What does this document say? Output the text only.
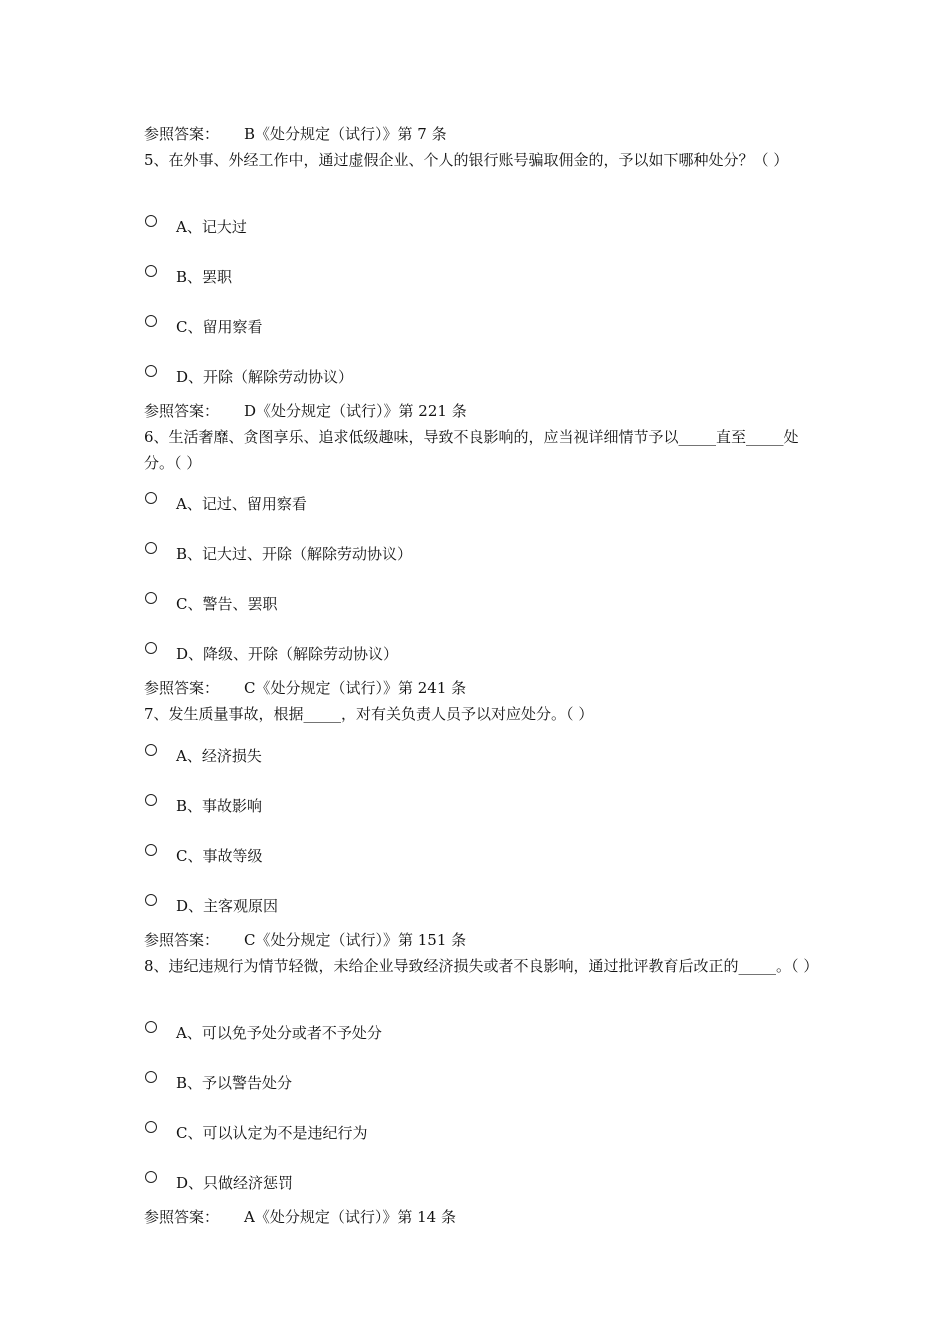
参照答案： B《处分规定（试行）》第 7 条
5、在外事、外经工作中，通过虚假企业、个人的银行账号骗取佣金的，予以如下哪种处分？（ ）
A、记大过
B、罢职
C、留用察看
D、开除（解除劳动协议）
参照答案： D《处分规定（试行）》第 221 条
6、生活奢靡、贪图享乐、追求低级趣味，导致不良影响的，应当视详细情节予以_____直至_____处分。（ ）
A、记过、留用察看
B、记大过、开除（解除劳动协议）
C、警告、罢职
D、降级、开除（解除劳动协议）
参照答案： C《处分规定（试行）》第 241 条
7、发生质量事故，根据_____，对有关负责人员予以对应处分。（ ）
A、经济损失
B、事故影响
C、事故等级
D、主客观原因
参照答案： C《处分规定（试行）》第 151 条
8、违纪违规行为情节轻微，未给企业导致经济损失或者不良影响，通过批评教育后改正的_____。（ ）
A、可以免予处分或者不予处分
B、予以警告处分
C、可以认定为不是违纪行为
D、只做经济惩罚
参照答案： A《处分规定（试行）》第 14 条
